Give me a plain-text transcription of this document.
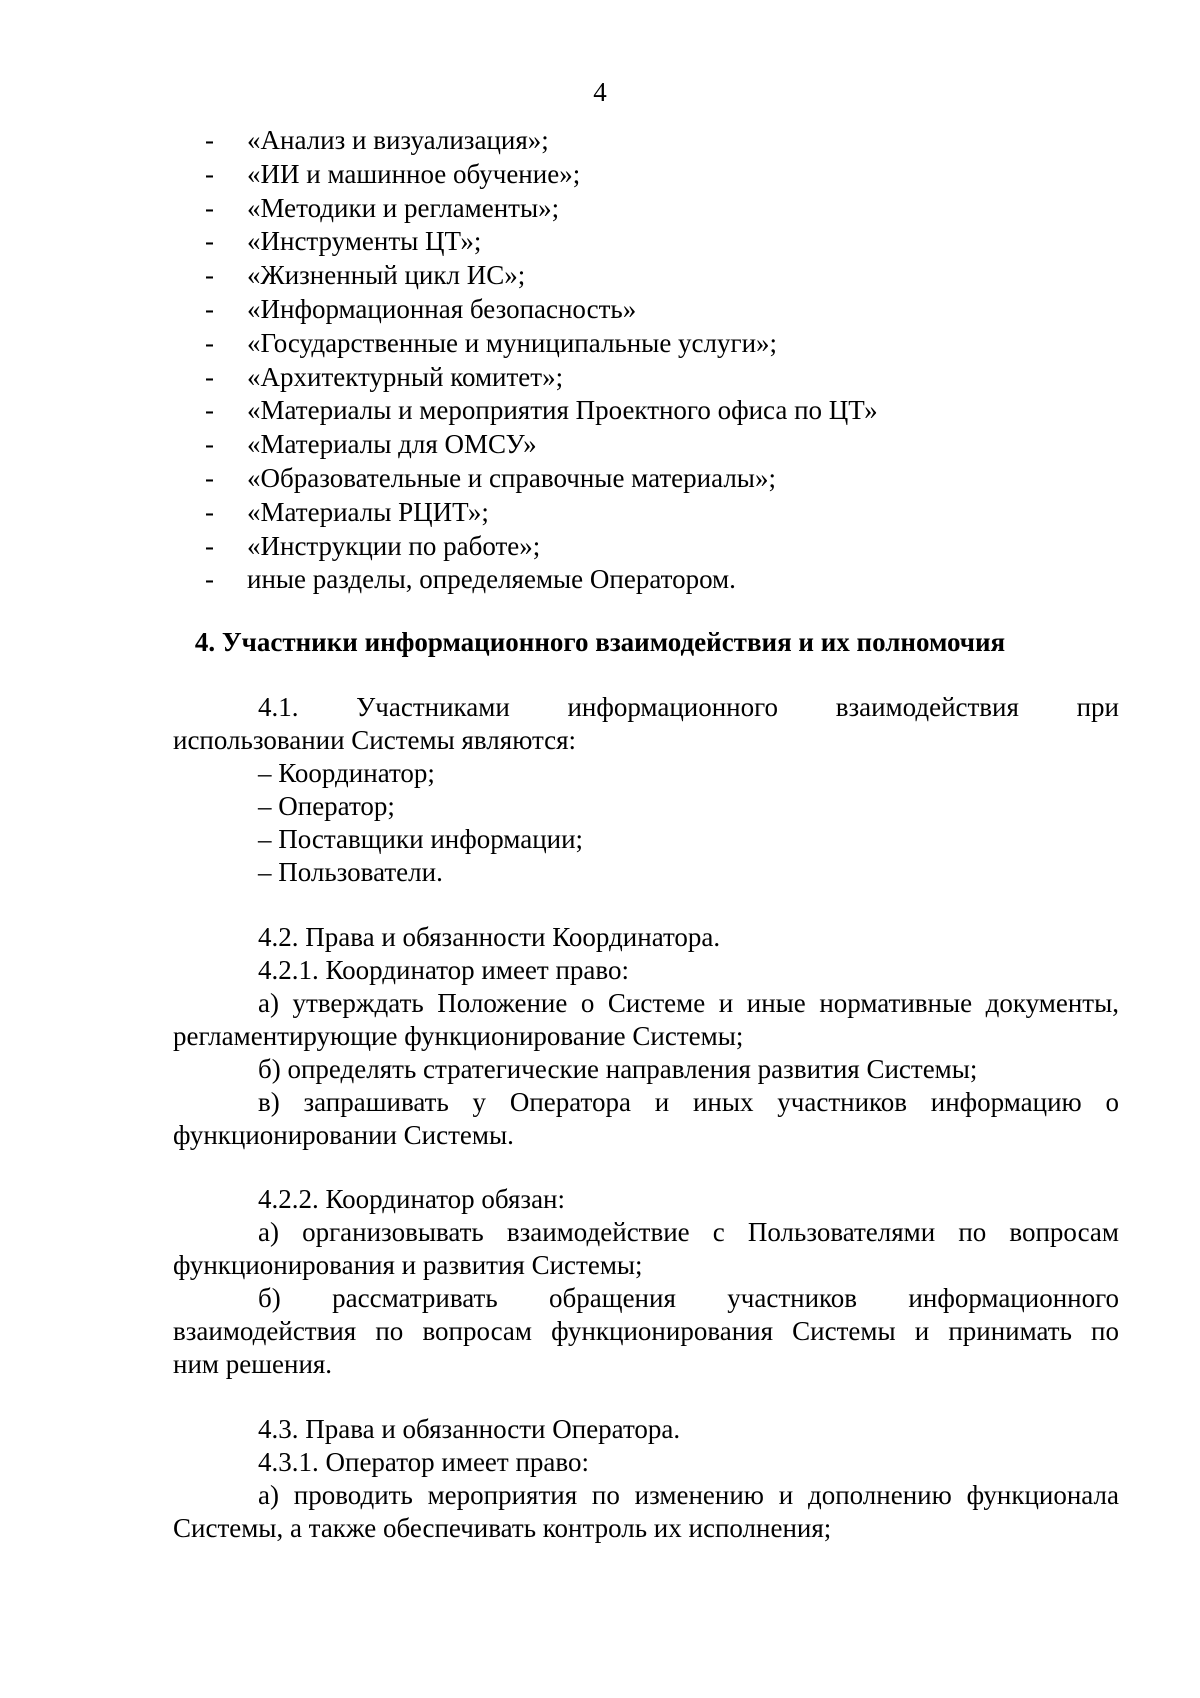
4
- «Анализ и визуализация»;
- «ИИ и машинное обучение»;
- «Методики и регламенты»;
- «Инструменты ЦТ»;
- «Жизненный цикл ИС»;
- «Информационная безопасность»
- «Государственные и муниципальные услуги»;
- «Архитектурный комитет»;
- «Материалы и мероприятия Проектного офиса по ЦТ»
- «Материалы для ОМСУ»
- «Образовательные и справочные материалы»;
- «Материалы РЦИТ»;
- «Инструкции по работе»;
- иные разделы, определяемые Оператором.
4. Участники информационного взаимодействия и их полномочия
4.1. Участниками информационного взаимодействия при
использовании Системы являются:
– Координатор;
– Оператор;
– Поставщики информации;
– Пользователи.
4.2. Права и обязанности Координатора.
4.2.1. Координатор имеет право:
а) утверждать Положение о Системе и иные нормативные документы,
регламентирующие функционирование Системы;
б) определять стратегические направления развития Системы;
в) запрашивать у Оператора и иных участников информацию о
функционировании Системы.
4.2.2. Координатор обязан:
а) организовывать взаимодействие с Пользователями по вопросам
функционирования и развития Системы;
б) рассматривать обращения участников информационного
взаимодействия по вопросам функционирования Системы и принимать по
ним решения.
4.3. Права и обязанности Оператора.
4.3.1. Оператор имеет право:
а) проводить мероприятия по изменению и дополнению функционала
Системы, а также обеспечивать контроль их исполнения;
